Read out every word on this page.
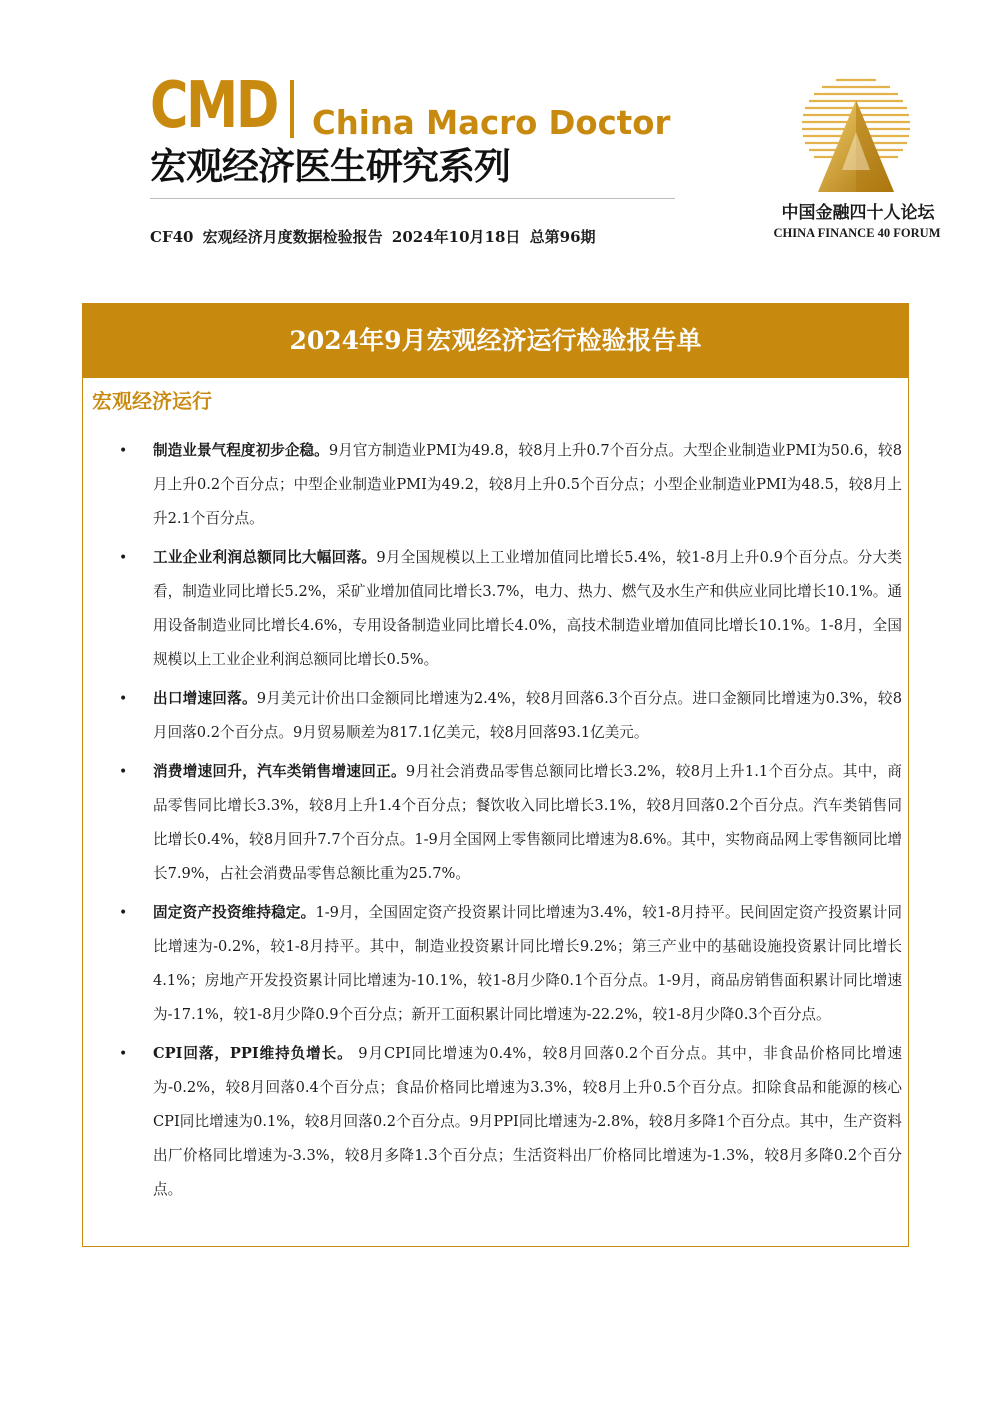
CMD China Macro Doctor
宏观经济医生研究系列
CF40 宏观经济月度数据检验报告 2024年10月18日 总第96期
中国金融四十人论坛
CHINA FINANCE 40 FORUM
2024年9月宏观经济运行检验报告单
宏观经济运行
• 制造业景气程度初步企稳。9月官方制造业PMI为49.8，较8月上升0.7个百分点。大型企业制造业PMI为50.6，较8月上升0.2个百分点；中型企业制造业PMI为49.2，较8月上升0.5个百分点；小型企业制造业PMI为48.5，较8月上升2.1个百分点。
• 工业企业利润总额同比大幅回落。9月全国规模以上工业增加值同比增长5.4%，较1-8月上升0.9个百分点。分大类看，制造业同比增长5.2%，采矿业增加值同比增长3.7%，电力、热力、燃气及水生产和供应业同比增长10.1%。通用设备制造业同比增长4.6%，专用设备制造业同比增长4.0%，高技术制造业增加值同比增长10.1%。1-8月，全国规模以上工业企业利润总额同比增长0.5%。
• 出口增速回落。9月美元计价出口金额同比增速为2.4%，较8月回落6.3个百分点。进口金额同比增速为0.3%，较8月回落0.2个百分点。9月贸易顺差为817.1亿美元，较8月回落93.1亿美元。
• 消费增速回升，汽车类销售增速回正。9月社会消费品零售总额同比增长3.2%，较8月上升1.1个百分点。其中，商品零售同比增长3.3%，较8月上升1.4个百分点；餐饮收入同比增长3.1%，较8月回落0.2个百分点。汽车类销售同比增长0.4%，较8月回升7.7个百分点。1-9月全国网上零售额同比增速为8.6%。其中，实物商品网上零售额同比增长7.9%，占社会消费品零售总额比重为25.7%。
• 固定资产投资维持稳定。1-9月，全国固定资产投资累计同比增速为3.4%，较1-8月持平。民间固定资产投资累计同比增速为-0.2%，较1-8月持平。其中，制造业投资累计同比增长9.2%；第三产业中的基础设施投资累计同比增长4.1%；房地产开发投资累计同比增速为-10.1%，较1-8月少降0.1个百分点。1-9月，商品房销售面积累计同比增速为-17.1%，较1-8月少降0.9个百分点；新开工面积累计同比增速为-22.2%，较1-8月少降0.3个百分点。
• CPI回落，PPI维持负增长。 9月CPI同比增速为0.4%，较8月回落0.2个百分点。其中，非食品价格同比增速为-0.2%，较8月回落0.4个百分点；食品价格同比增速为3.3%，较8月上升0.5个百分点。扣除食品和能源的核心CPI同比增速为0.1%，较8月回落0.2个百分点。9月PPI同比增速为-2.8%，较8月多降1个百分点。其中，生产资料出厂价格同比增速为-3.3%，较8月多降1.3个百分点；生活资料出厂价格同比增速为-1.3%，较8月多降0.2个百分点。
